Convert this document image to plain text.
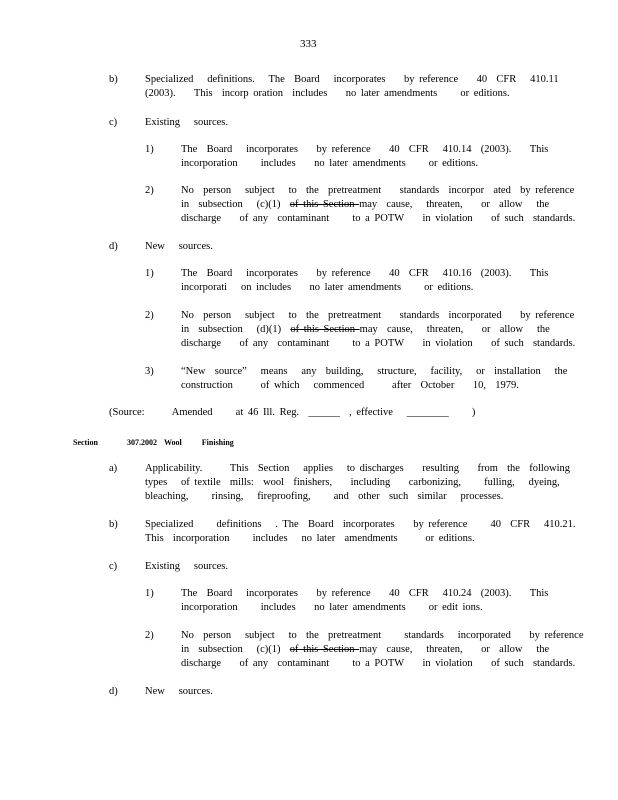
333
b)	Specialized   definitions.   The  Board   incorporates    by reference    40  CFR   410.11
(2003).    This  incorp oration  includes    no later amendments     or editions.
c)	Existing   sources.
1)	The  Board   incorporates    by reference    40  CFR   410.14  (2003).    This
incorporation     includes    no later amendments     or editions.
2)	No  person   subject   to  the  pretreatment    standards  incorpor  ated  by reference
in  subsection   (c)(1)  of this Section may  cause,   threaten,    or  allow   the
discharge    of any  contaminant     to a POTW    in violation    of such  standards.
d)	New   sources.
1)	The  Board   incorporates    by reference    40  CFR   410.16  (2003).    This
incorporati   on includes    no later amendments     or editions.
2)	No  person   subject   to  the  pretreatment    standards  incorporated    by reference
in  subsection   (d)(1)  of this Section may  cause,   threaten,    or  allow   the
discharge    of any  contaminant     to a POTW    in violation    of such  standards.
3)	“New  source”   means   any  building,   structure,   facility,   or  installation   the
construction      of which   commenced      after  October    10,  1979.
(Source:      Amended     at 46 Ill. Reg.  ______  , effective   ________     )
Section	307.2002 Wool     Finishing
a)	Applicability.      This  Section   applies   to discharges    resulting    from  the  following
types   of textile  mills:  wool  finishers,    including    carbonizing,     fulling,   dyeing,
bleaching,     rinsing,   fireproofing,     and  other  such  similar   processes.
b)	Specialized     definitions   . The  Board  incorporates    by reference     40  CFR   410.21.
This  incorporation     includes   no later  amendments      or editions.
c)	Existing   sources.
1)	The  Board   incorporates    by reference    40  CFR   410.24  (2003).    This
incorporation     includes    no later amendments     or edit ions.
2)	No  person   subject   to  the  pretreatment     standards   incorporated    by reference
in  subsection   (c)(1)  of this Section may  cause,   threaten,    or  allow   the
discharge    of any  contaminant     to a POTW    in violation    of such  standards.
d)	New   sources.
